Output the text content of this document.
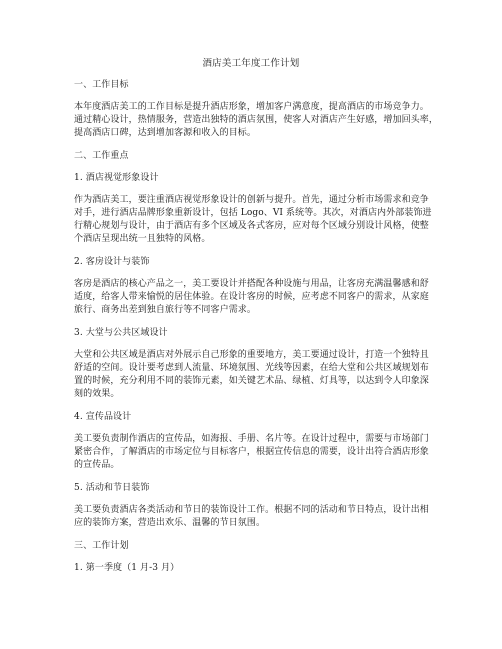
酒店美工年度工作计划
一、工作目标
本年度酒店美工的工作目标是提升酒店形象，增加客户满意度，提高酒店的市场竞争力。
通过精心设计，热情服务，营造出独特的酒店氛围，使客人对酒店产生好感，增加回头率，
提高酒店口碑，达到增加客源和收入的目标。
二、工作重点
1. 酒店视觉形象设计
作为酒店美工，要注重酒店视觉形象设计的创新与提升。首先，通过分析市场需求和竞争
对手，进行酒店品牌形象重新设计，包括 Logo、VI 系统等。其次，对酒店内外部装饰进
行精心规划与设计，由于酒店有多个区域及各式客房，应对每个区域分别设计风格，使整
个酒店呈现出统一且独特的风格。
2. 客房设计与装饰
客房是酒店的核心产品之一，美工要设计并搭配各种设施与用品，让客房充满温馨感和舒
适度，给客人带来愉悦的居住体验。在设计客房的时候，应考虑不同客户的需求，从家庭
旅行、商务出差到独自旅行等不同客户需求。
3. 大堂与公共区域设计
大堂和公共区域是酒店对外展示自己形象的重要地方，美工要通过设计，打造一个独特且
舒适的空间。设计要考虑到人流量、环境氛围、光线等因素，在给大堂和公共区域规划布
置的时候，充分利用不同的装饰元素，如关键艺术品、绿植、灯具等，以达到令人印象深
刻的效果。
4. 宣传品设计
美工要负责制作酒店的宣传品，如海报、手册、名片等。在设计过程中，需要与市场部门
紧密合作，了解酒店的市场定位与目标客户，根据宣传信息的需要，设计出符合酒店形象
的宣传品。
5. 活动和节日装饰
美工要负责酒店各类活动和节日的装饰设计工作。根据不同的活动和节日特点，设计出相
应的装饰方案，营造出欢乐、温馨的节日氛围。
三、工作计划
1. 第一季度（1 月-3 月）
